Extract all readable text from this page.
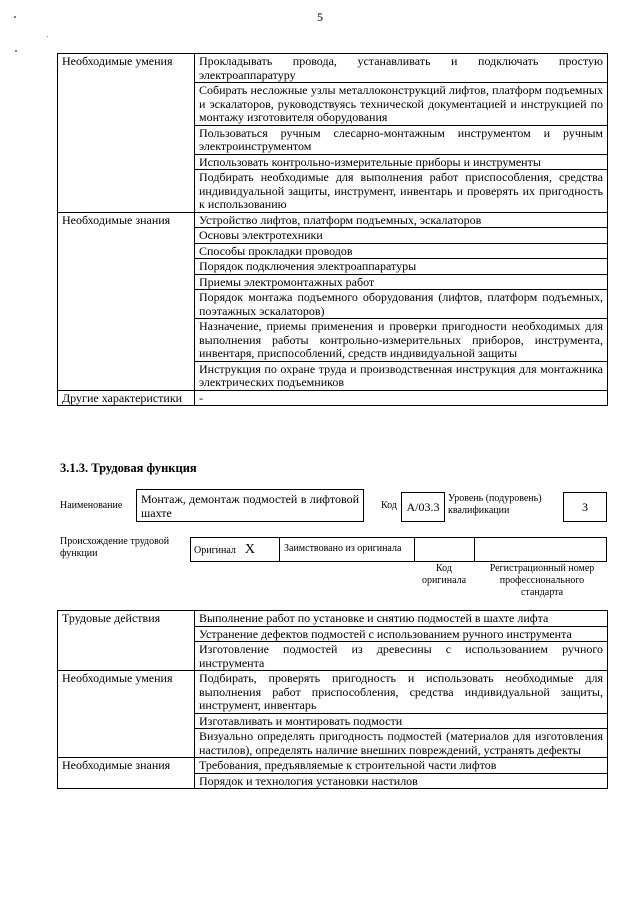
5
Необходимые умения	Прокладывать провода, устанавливать и подключать простую электроаппаратуру
	Собирать несложные узлы металлоконструкций лифтов, платформ подъемных и эскалаторов, руководствуясь технической документацией и инструкцией по монтажу изготовителя оборудования
	Пользоваться ручным слесарно-монтажным инструментом и ручным электроинструментом
	Использовать контрольно-измерительные приборы и инструменты
	Подбирать необходимые для выполнения работ приспособления, средства индивидуальной защиты, инструмент, инвентарь и проверять их пригодность к использованию
Необходимые знания	Устройство лифтов, платформ подъемных, эскалаторов
	Основы электротехники
	Способы прокладки проводов
	Порядок подключения электроаппаратуры
	Приемы электромонтажных работ
	Порядок монтажа подъемного оборудования (лифтов, платформ подъемных, поэтажных эскалаторов)
	Назначение, приемы применения и проверки пригодности необходимых для выполнения работы контрольно-измерительных приборов, инструмента, инвентаря, приспособлений, средств индивидуальной защиты
	Инструкция по охране труда и производственная инструкция для монтажника электрических подъемников
Другие характеристики	-
3.1.3. Трудовая функция
Наименование	Монтаж, демонтаж подмостей в лифтовой шахте
Код A/03.3
Уровень (подуровень) квалификации	3
Происхождение трудовой функции	Оригинал X	Заимствовано из оригинала
Код оригинала
Регистрационный номер профессионального стандарта
Трудовые действия	Выполнение работ по установке и снятию подмостей в шахте лифта
	Устранение дефектов подмостей с использованием ручного инструмента
	Изготовление подмостей из древесины с использованием ручного инструмента
Необходимые умения	Подбирать, проверять пригодность и использовать необходимые для выполнения работ приспособления, средства индивидуальной защиты, инструмент, инвентарь
	Изготавливать и монтировать подмости
	Визуально определять пригодность подмостей (материалов для изготовления настилов), определять наличие внешних повреждений, устранять дефекты
Необходимые знания	Требования, предъявляемые к строительной части лифтов
	Порядок и технология установки настилов
